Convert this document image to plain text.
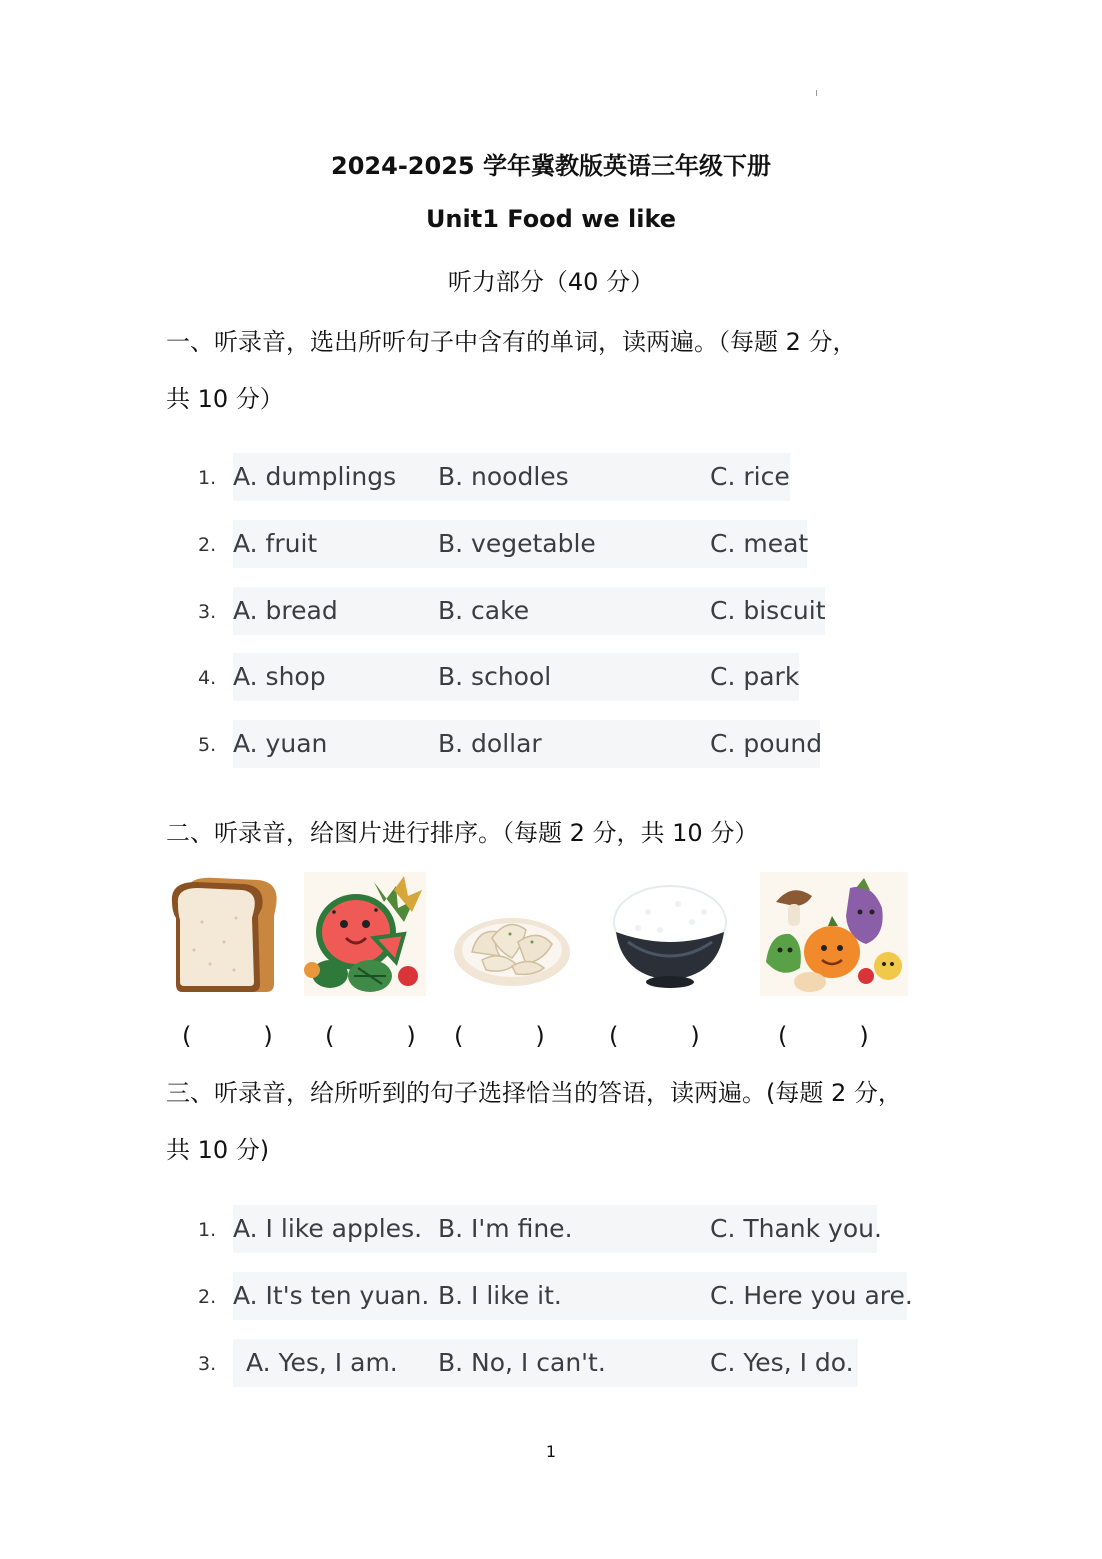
2024-2025 学年冀教版英语三年级下册
Unit1 Food we like
听力部分（40 分）
一、听录音，选出所听句子中含有的单词，读两遍。（每题 2 分，
共 10 分）
1. A. dumplings B. noodles	C. rice
2. A. fruit	B. vegetable	C. meat
3. A. bread	B. cake	C. biscuit
4. A. shop	B. school	C. park
5. A. yuan	B. dollar	C. pound
二、听录音，给图片进行排序。（每题 2 分，共 10 分）
(　　　) (　　　) (　　　)	(　　　)	(　　　)
三、听录音，给所听到的句子选择恰当的答语，读两遍。(每题 2 分，
共 10 分)
1. A. I like apples. B. I'm fine.	C. Thank you.
2. A. It's ten yuan. B. I like it.	C. Here you are.
3. A. Yes, I am. B. No, I can't.	C. Yes, I do.
1
